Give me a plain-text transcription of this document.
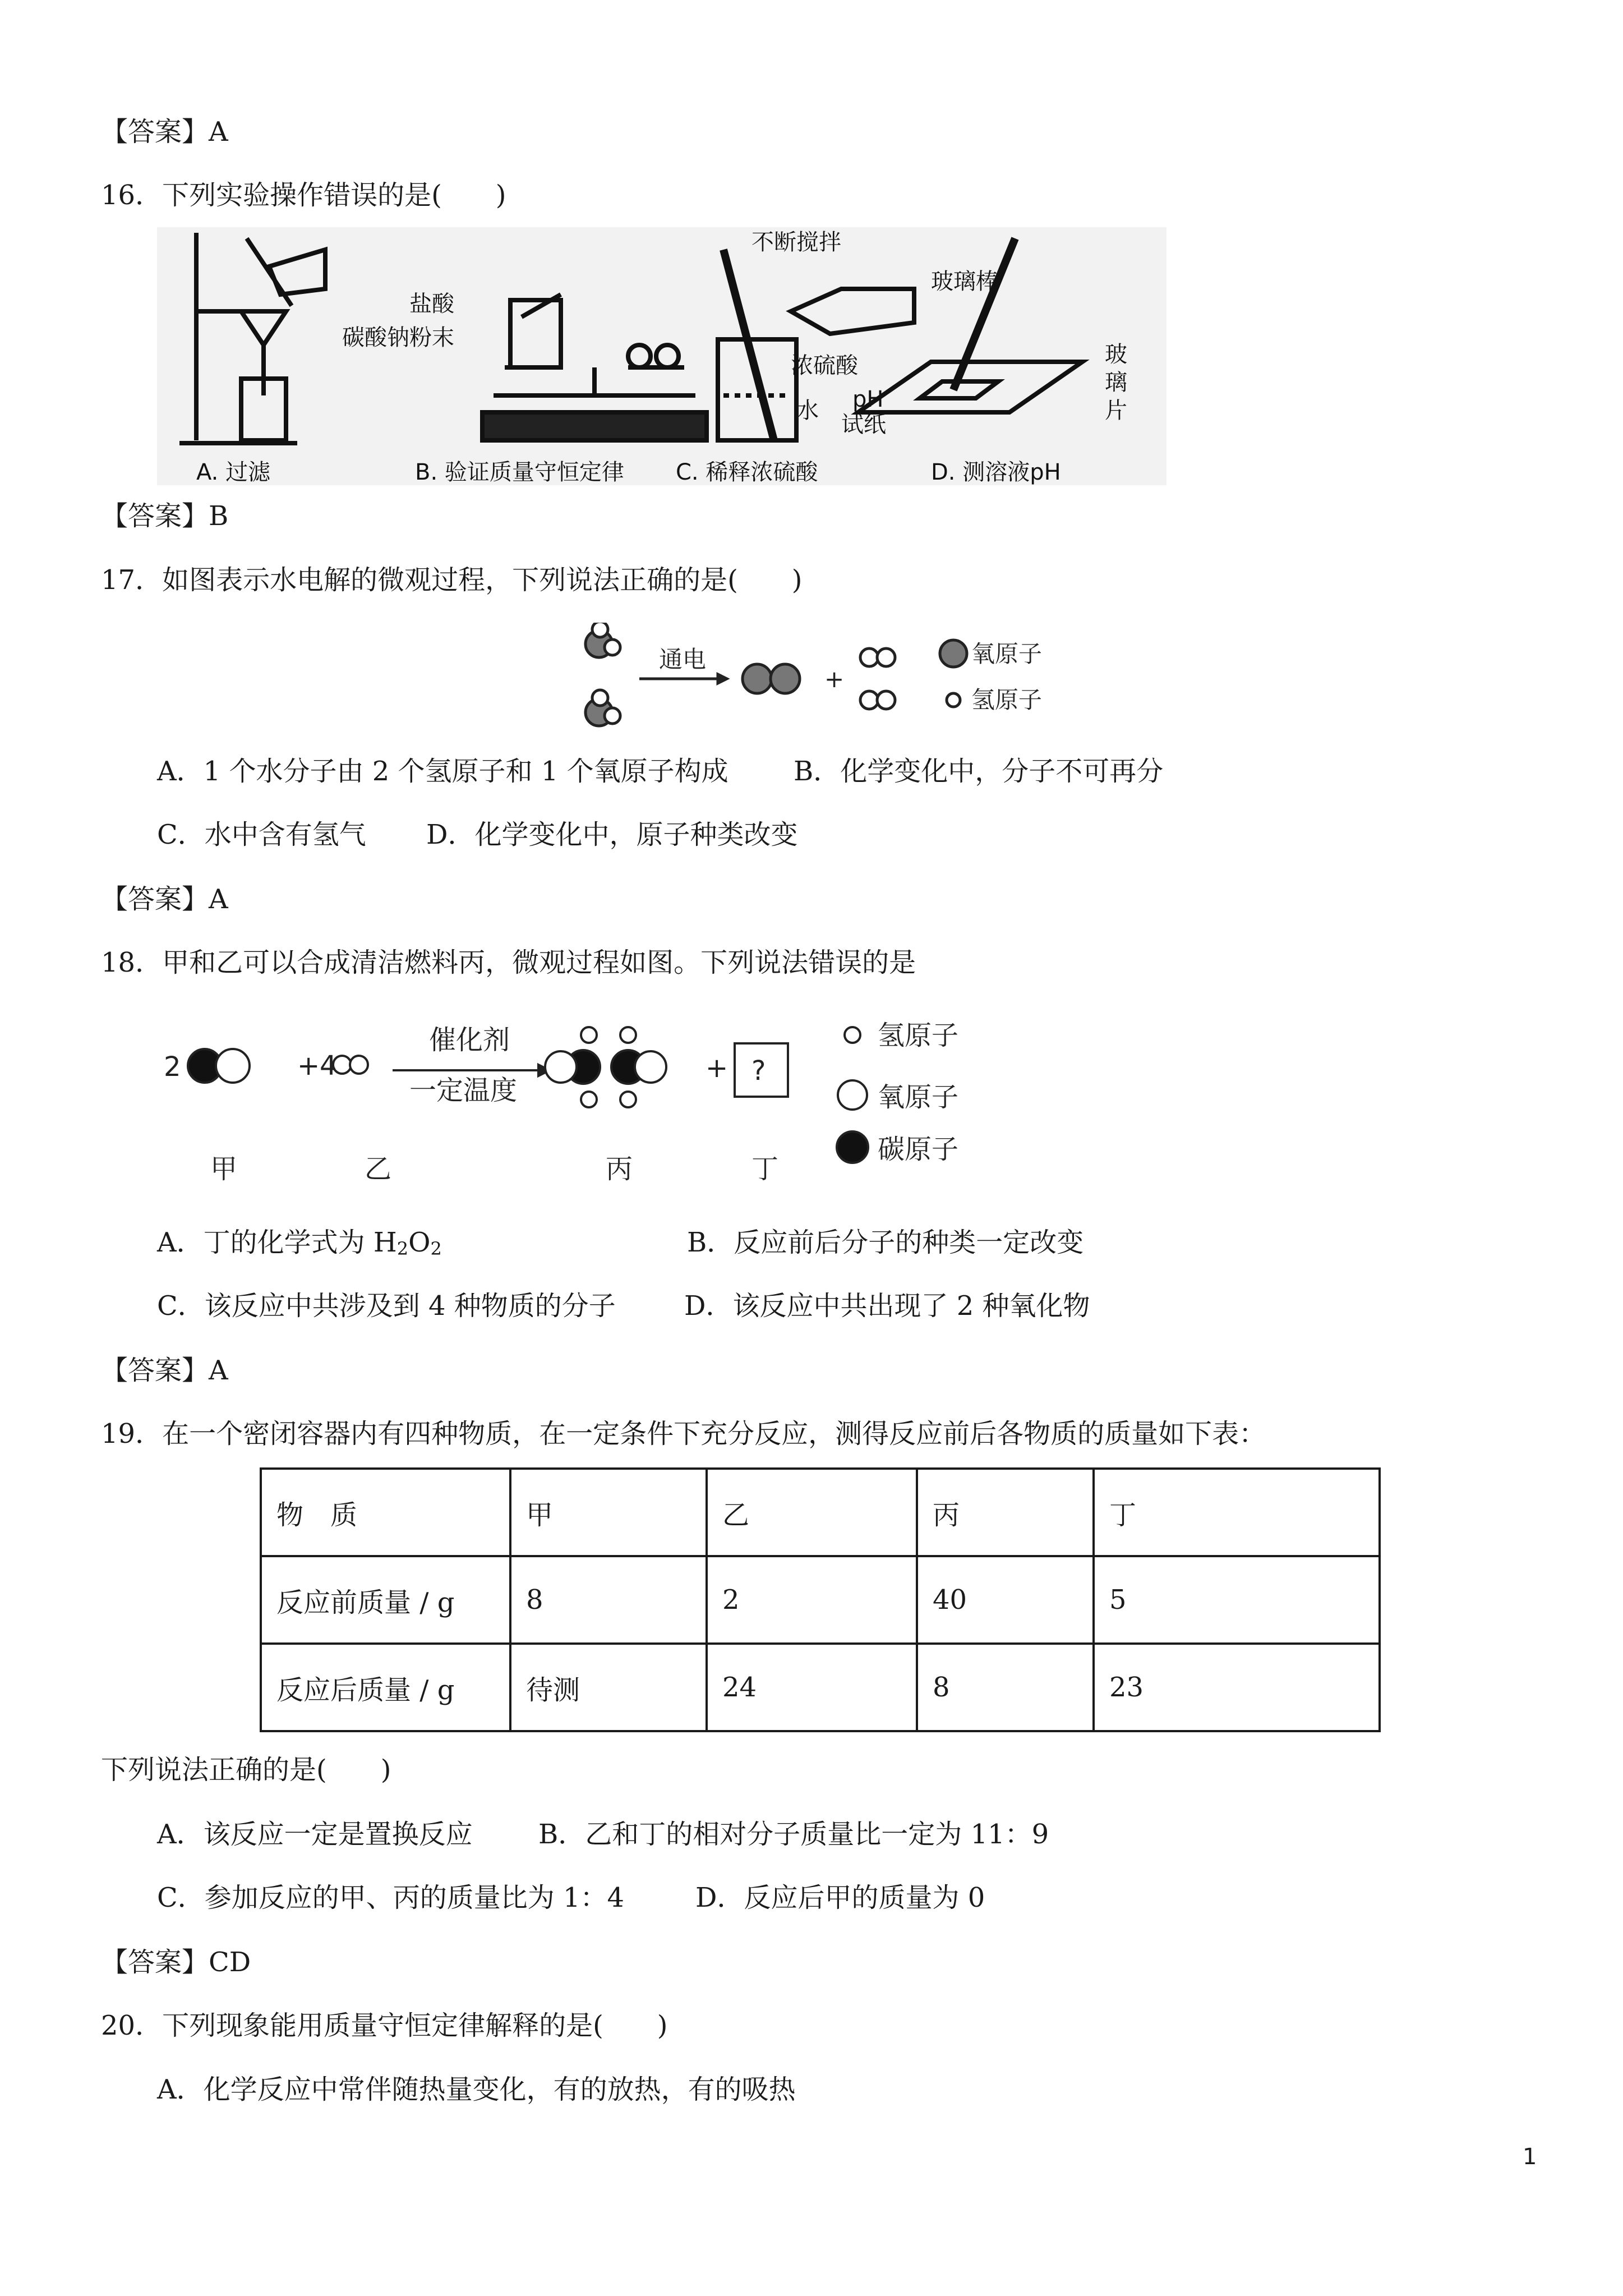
【答案】A
16．下列实验操作错误的是(　　)
盐酸
碳酸钠粉末
不断搅拌
浓硫酸
水
玻璃棒
玻
璃
片
pH
试纸
A. 过滤	B. 验证质量守恒定律 C. 稀释浓硫酸	D. 测溶液pH
【答案】B
17．如图表示水电解的微观过程，下列说法正确的是(　　)
通电
+
氧原子
氢原子
A．1 个水分子由 2 个氢原子和 1 个氧原子构成 B．化学变化中，分子不可再分
C．水中含有氢气 D．化学变化中，原子种类改变
【答案】A
18．甲和乙可以合成清洁燃料丙，微观过程如图。下列说法错误的是
2	+ 4
催化剂
一定温度
+ ?
氢原子
氧原子
碳原子
甲	乙	丙	丁
A．丁的化学式为 $H_2O_2$	B．反应前后分子的种类一定改变
C．该反应中共涉及到 4 种物质的分子	D．该反应中共出现了 2 种氧化物
【答案】A
19．在一个密闭容器内有四种物质，在一定条件下充分反应，测得反应前后各物质的质量如下表：
物　质	甲	乙	丙	丁
反应前质量 / g	8	2	40	5
反应后质量 / g	待测	24	8	23
下列说法正确的是(　　)
A．该反应一定是置换反应 B．乙和丁的相对分子质量比一定为 11：9
C．参加反应的甲、丙的质量比为 1：4	D．反应后甲的质量为 0
【答案】CD
20．下列现象能用质量守恒定律解释的是(　　)
A．化学反应中常伴随热量变化，有的放热，有的吸热
1
